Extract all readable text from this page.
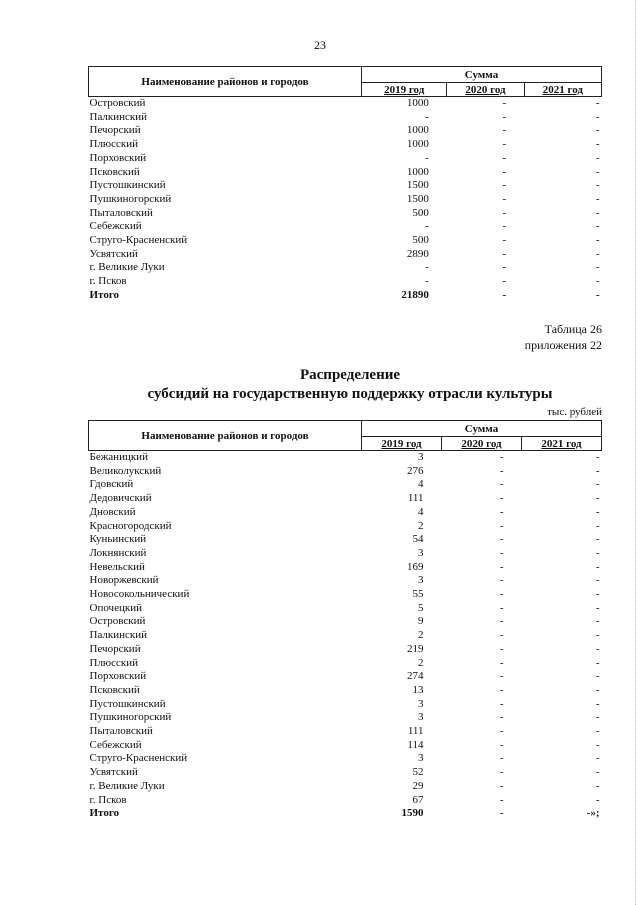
23
Наименование районов и городов	Сумма		
	2019 год	2020 год	2021 год
Островский	1000	-	-
Палкинский	-	-	-
Печорский	1000	-	-
Плюсский	1000	-	-
Порховский	-	-	-
Псковский	1000	-	-
Пустошкинский	1500	-	-
Пушкиногорский	1500	-	-
Пыталовский	500	-	-
Себежский	-	-	-
Струго-Красненский	500	-	-
Усвятский	2890	-	-
г. Великие Луки	-	-	-
г. Псков	-	-	-
Итого	21890	-	-
Таблица 26
приложения 22
Распределение
субсидий на государственную поддержку отрасли культуры
тыс. рублей
Наименование районов и городов	Сумма		
	2019 год	2020 год	2021 год
Бежаницкий	3	-	-
Великолукский	276	-	-
Гдовский	4	-	-
Дедовичский	111	-	-
Дновский	4	-	-
Красногородский	2	-	-
Куньинский	54	-	-
Локнянский	3	-	-
Невельский	169	-	-
Новоржевский	3	-	-
Новосокольнический	55	-	-
Опочецкий	5	-	-
Островский	9	-	-
Палкинский	2	-	-
Печорский	219	-	-
Плюсский	2	-	-
Порховский	274	-	-
Псковский	13	-	-
Пустошкинский	3	-	-
Пушкиногорский	3	-	-
Пыталовский	111	-	-
Себежский	114	-	-
Струго-Красненский	3	-	-
Усвятский	52	-	-
г. Великие Луки	29	-	-
г. Псков	67	-	-
Итого	1590	-	-»;
